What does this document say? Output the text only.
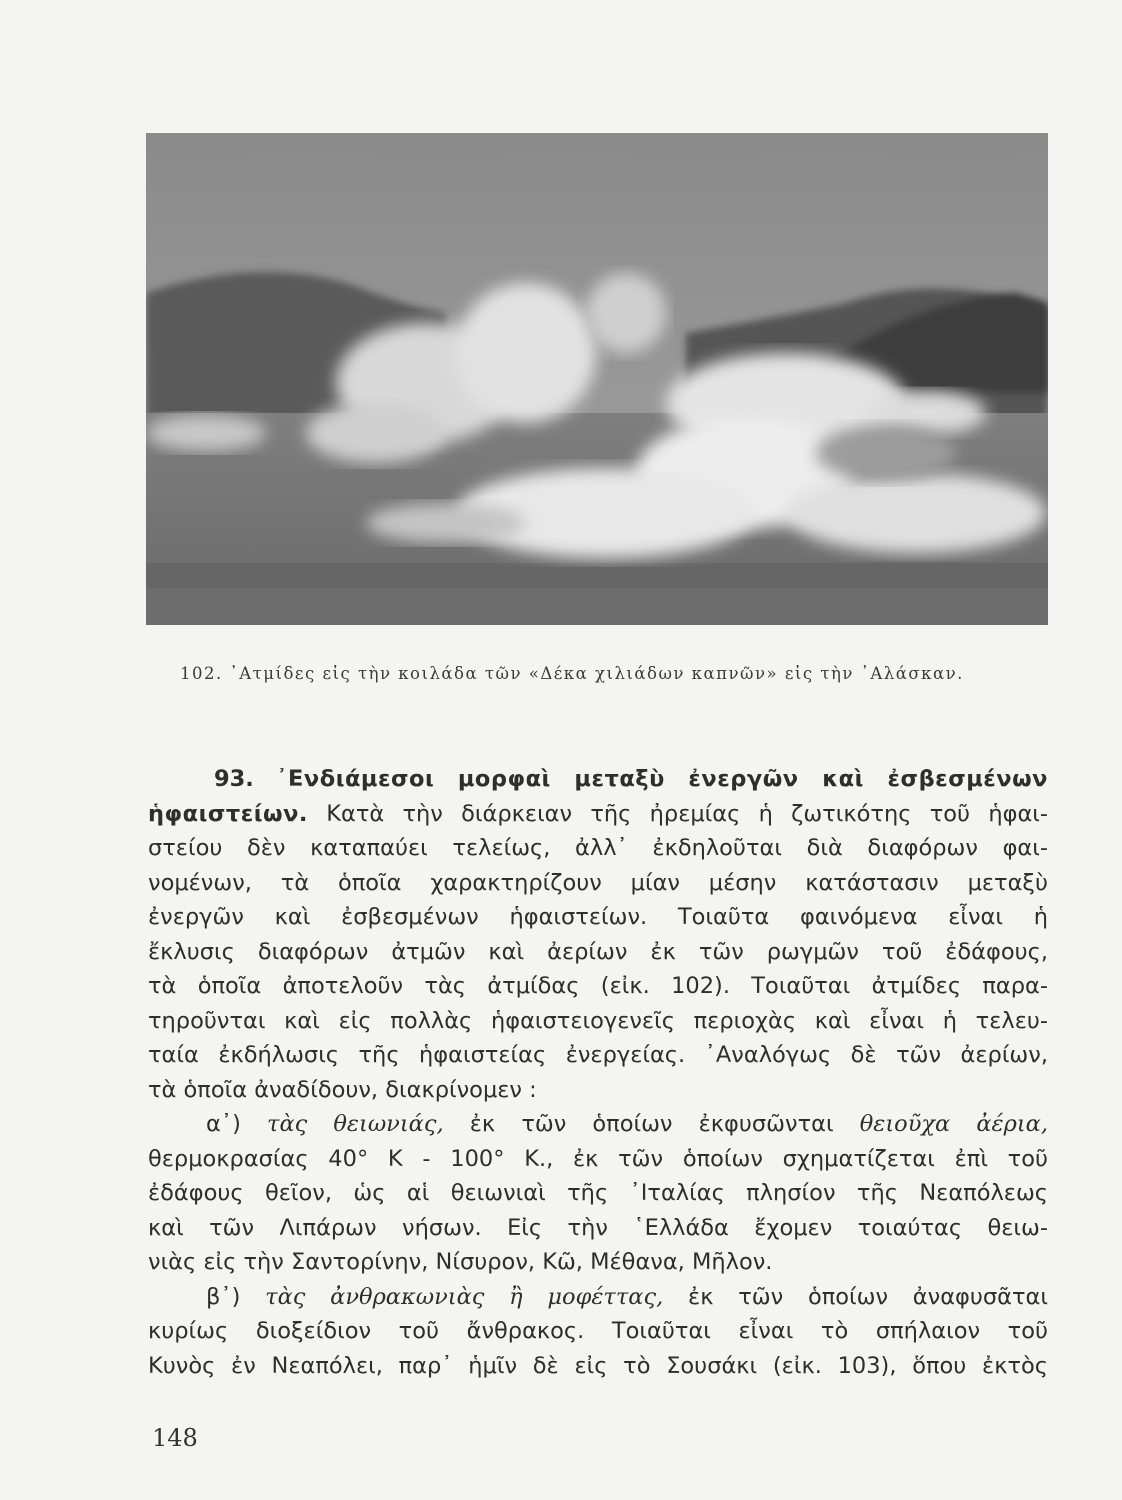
102. ᾿Ατμίδες εἰς τὴν κοιλάδα τῶν «Δέκα χιλιάδων καπνῶν» εἰς τὴν ᾿Αλάσκαν.
93. ᾿Ενδιάμεσοι μορφαὶ μεταξὺ ἐνεργῶν καὶ ἐσβεσμένων
ἡφαιστείων. Κατὰ τὴν διάρκειαν τῆς ἠρεμίας ἡ ζωτικότης τοῦ ἡφαι-
στείου δὲν καταπαύει τελείως, ἀλλ᾿ ἐκδηλοῦται διὰ διαφόρων φαι-
νομένων, τὰ ὁποῖα χαρακτηρίζουν μίαν μέσην κατάστασιν μεταξὺ
ἐνεργῶν καὶ ἐσβεσμένων ἡφαιστείων. Τοιαῦτα φαινόμενα εἶναι ἡ
ἔκλυσις διαφόρων ἀτμῶν καὶ ἀερίων ἐκ τῶν ρωγμῶν τοῦ ἐδάφους,
τὰ ὁποῖα ἀποτελοῦν τὰς ἀτμίδας (εἰκ. 102). Τοιαῦται ἀτμίδες παρα-
τηροῦνται καὶ εἰς πολλὰς ἡφαιστειογενεῖς περιοχὰς καὶ εἶναι ἡ τελευ-
ταία ἐκδήλωσις τῆς ἡφαιστείας ἐνεργείας. ᾿Αναλόγως δὲ τῶν ἀερίων,
τὰ ὁποῖα ἀναδίδουν, διακρίνομεν :
α᾿) τὰς θειωνιάς, ἐκ τῶν ὁποίων ἐκφυσῶνται θειοῦχα ἀέρια,
θερμοκρασίας 40° Κ - 100° Κ., ἐκ τῶν ὁποίων σχηματίζεται ἐπὶ τοῦ
ἐδάφους θεῖον, ὡς αἱ θειωνιαὶ τῆς ᾿Ιταλίας πλησίον τῆς Νεαπόλεως
καὶ τῶν Λιπάρων νήσων. Εἰς τὴν ῾Ελλάδα ἔχομεν τοιαύτας θειω-
νιὰς εἰς τὴν Σαντορίνην, Νίσυρον, Κῶ, Μέθανα, Μῆλον.
β᾿) τὰς ἀνθρακωνιὰς ἢ μοφέττας, ἐκ τῶν ὁποίων ἀναφυσᾶται
κυρίως διοξείδιον τοῦ ἄνθρακος. Τοιαῦται εἶναι τὸ σπήλαιον τοῦ
Κυνὸς ἐν Νεαπόλει, παρ᾿ ἡμῖν δὲ εἰς τὸ Σουσάκι (εἰκ. 103), ὅπου ἐκτὸς
148
